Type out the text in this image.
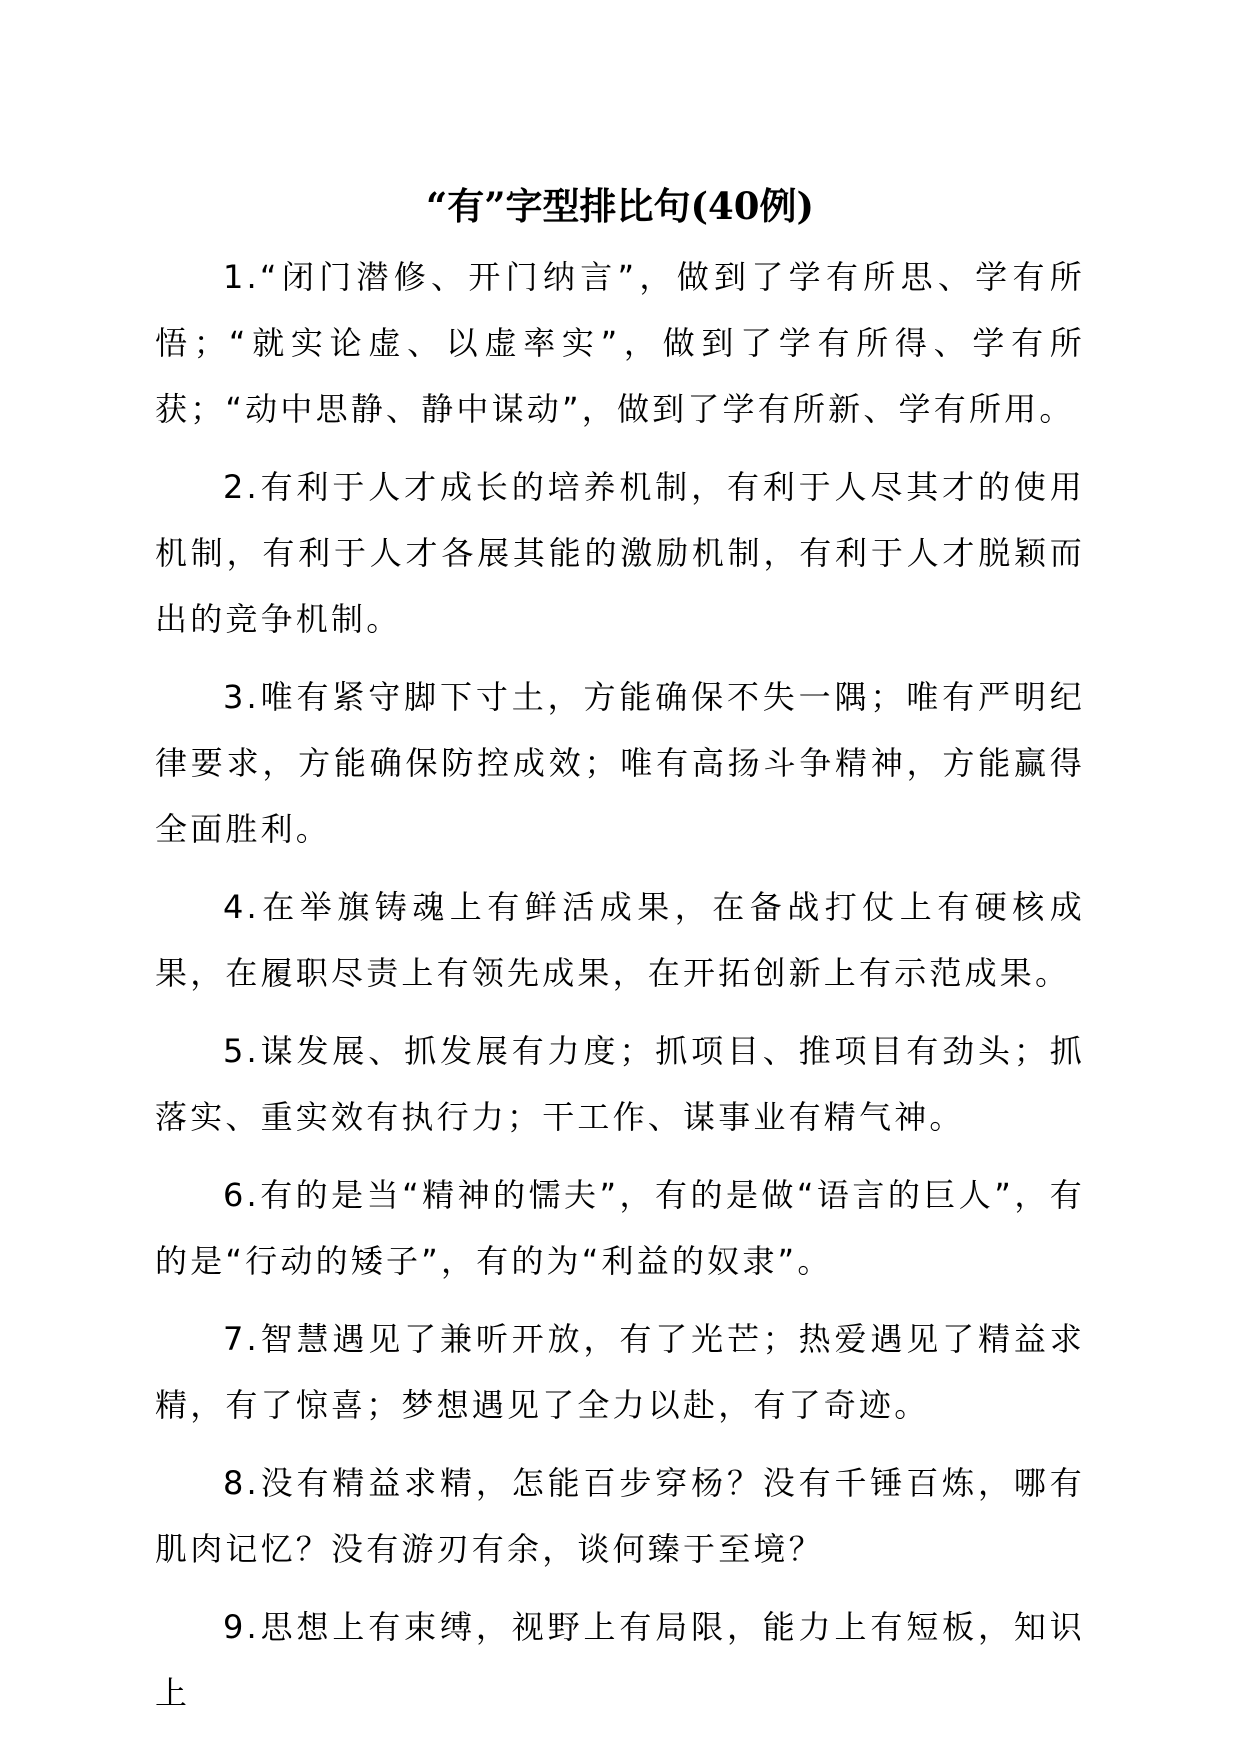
“有”字型排比句(40例)

1.“闭门潜修、开门纳言”，做到了学有所思、学有所悟；“就实论虚、以虚率实”，做到了学有所得、学有所获；“动中思静、静中谋动”，做到了学有所新、学有所用。

2.有利于人才成长的培养机制，有利于人尽其才的使用机制，有利于人才各展其能的激励机制，有利于人才脱颖而出的竞争机制。

3.唯有紧守脚下寸土，方能确保不失一隅；唯有严明纪律要求，方能确保防控成效；唯有高扬斗争精神，方能赢得全面胜利。

4.在举旗铸魂上有鲜活成果，在备战打仗上有硬核成果，在履职尽责上有领先成果，在开拓创新上有示范成果。

5.谋发展、抓发展有力度；抓项目、推项目有劲头；抓落实、重实效有执行力；干工作、谋事业有精气神。

6.有的是当“精神的懦夫”，有的是做“语言的巨人”，有的是“行动的矮子”，有的为“利益的奴隶”。

7.智慧遇见了兼听开放，有了光芒；热爱遇见了精益求精，有了惊喜；梦想遇见了全力以赴，有了奇迹。

8.没有精益求精，怎能百步穿杨？没有千锤百炼，哪有肌肉记忆？没有游刃有余，谈何臻于至境？

9.思想上有束缚，视野上有局限，能力上有短板，知识上
